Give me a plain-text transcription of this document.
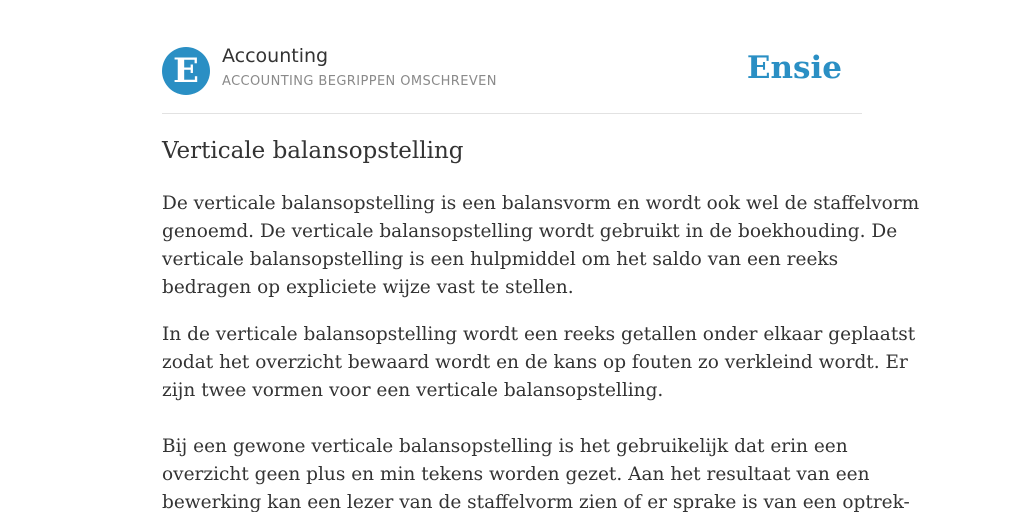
E	Accounting
ACCOUNTING BEGRIPPEN OMSCHREVEN	Ensie
Verticale balansopstelling
De verticale balansopstelling is een balansvorm en wordt ook wel de staffelvorm
genoemd. De verticale balansopstelling wordt gebruikt in de boekhouding. De
verticale balansopstelling is een hulpmiddel om het saldo van een reeks
bedragen op expliciete wijze vast te stellen.
In de verticale balansopstelling wordt een reeks getallen onder elkaar geplaatst
zodat het overzicht bewaard wordt en de kans op fouten zo verkleind wordt. Er
zijn twee vormen voor een verticale balansopstelling.
Bij een gewone verticale balansopstelling is het gebruikelijk dat erin een
overzicht geen plus en min tekens worden gezet. Aan het resultaat van een
bewerking kan een lezer van de staffelvorm zien of er sprake is van een optrek-
